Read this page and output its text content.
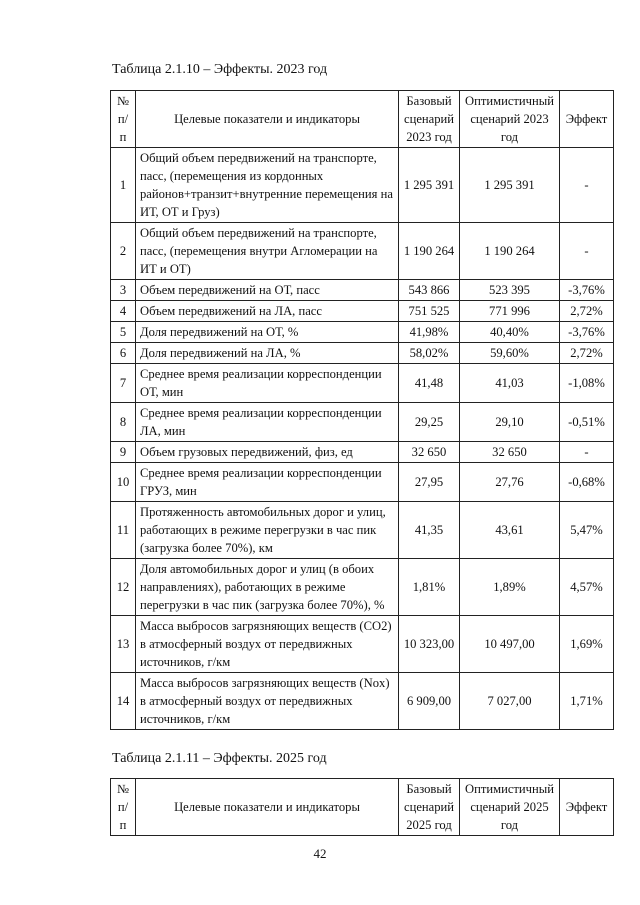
Таблица 2.1.10 – Эффекты. 2023 год
№ п/п	Целевые показатели и индикаторы	Базовый сценарий 2023 год	Оптимистичный сценарий 2023 год	Эффект
1	Общий объем передвижений на транспорте, пасс, (перемещения из кордонных районов+транзит+внутренние перемещения на ИТ, ОТ и Груз)	1 295 391	1 295 391	-
2	Общий объем передвижений на транспорте, пасс, (перемещения внутри Агломерации на ИТ и ОТ)	1 190 264	1 190 264	-
3	Объем передвижений на ОТ, пасс	543 866	523 395	-3,76%
4	Объем передвижений на ЛА, пасс	751 525	771 996	2,72%
5	Доля передвижений на ОТ, %	41,98%	40,40%	-3,76%
6	Доля передвижений на ЛА, %	58,02%	59,60%	2,72%
7	Среднее время реализации корреспонденции ОТ, мин	41,48	41,03	-1,08%
8	Среднее время реализации корреспонденции ЛА, мин	29,25	29,10	-0,51%
9	Объем грузовых передвижений, физ, ед	32 650	32 650	-
10	Среднее время реализации корреспонденции ГРУЗ, мин	27,95	27,76	-0,68%
11	Протяженность автомобильных дорог и улиц, работающих в режиме перегрузки в час пик (загрузка более 70%), км	41,35	43,61	5,47%
12	Доля автомобильных дорог и улиц (в обоих направлениях), работающих в режиме перегрузки в час пик (загрузка более 70%), %	1,81%	1,89%	4,57%
13	Масса выбросов загрязняющих веществ (CO2) в атмосферный воздух от передвижных источников, г/км	10 323,00	10 497,00	1,69%
14	Масса выбросов загрязняющих веществ (Nox) в атмосферный воздух от передвижных источников, г/км	6 909,00	7 027,00	1,71%
Таблица 2.1.11 – Эффекты. 2025 год
№ п/п	Целевые показатели и индикаторы	Базовый сценарий 2025 год	Оптимистичный сценарий 2025 год	Эффект
42
